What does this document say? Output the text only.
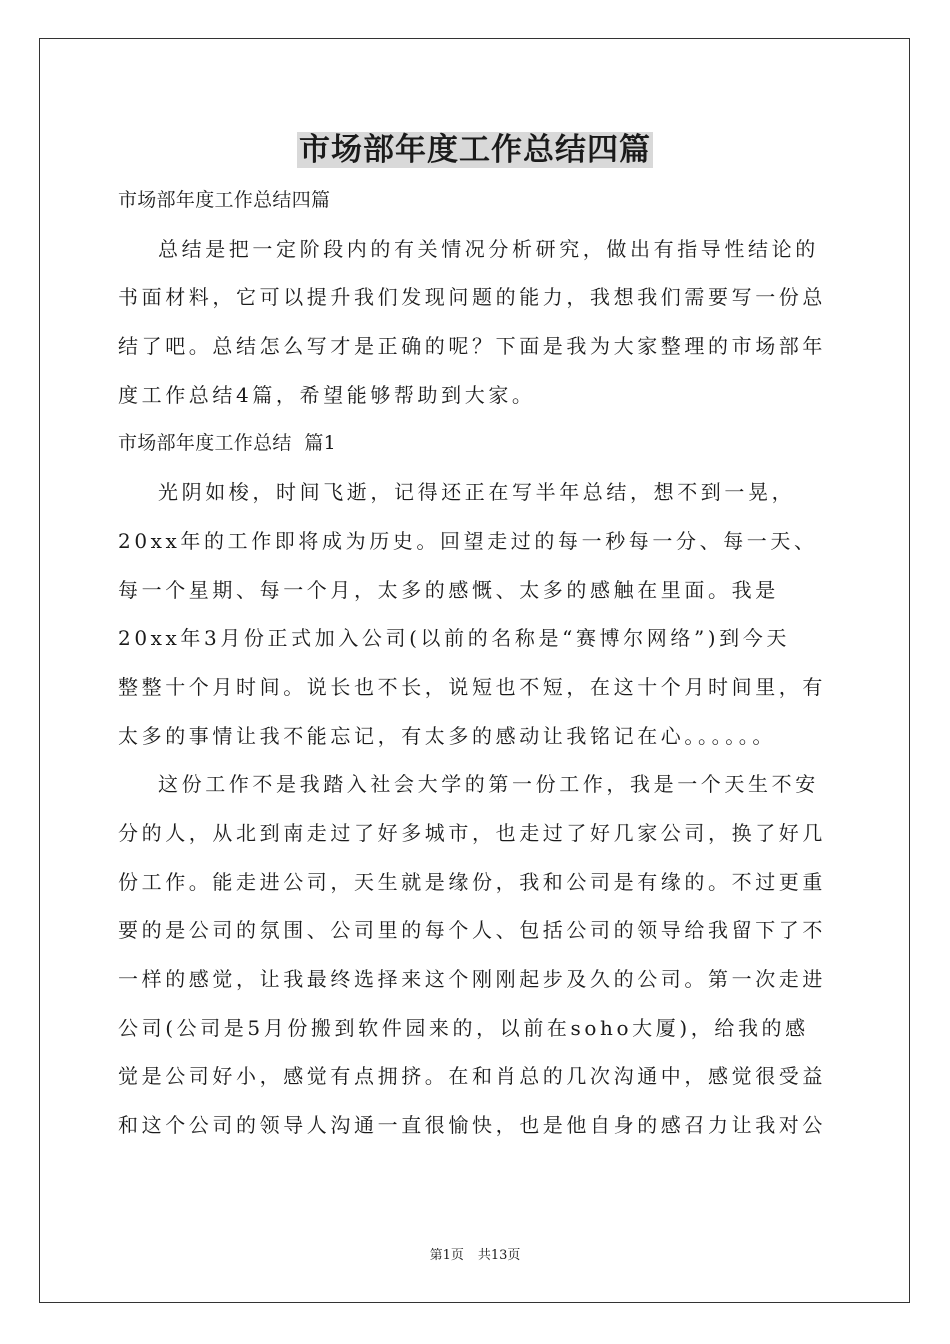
市场部年度工作总结四篇
市场部年度工作总结四篇
总结是把一定阶段内的有关情况分析研究，做出有指导性结论的
书面材料，它可以提升我们发现问题的能力，我想我们需要写一份总
结了吧。总结怎么写才是正确的呢？下面是我为大家整理的市场部年
度工作总结4篇，希望能够帮助到大家。
市场部年度工作总结  篇1
光阴如梭，时间飞逝，记得还正在写半年总结，想不到一晃，
20xx年的工作即将成为历史。回望走过的每一秒每一分、每一天、
每一个星期、每一个月，太多的感慨、太多的感触在里面。我是
20xx年3月份正式加入公司(以前的名称是“赛博尔网络”)到今天
整整十个月时间。说长也不长，说短也不短，在这十个月时间里，有
太多的事情让我不能忘记，有太多的感动让我铭记在心。。。。。。
这份工作不是我踏入社会大学的第一份工作，我是一个天生不安
分的人，从北到南走过了好多城市，也走过了好几家公司，换了好几
份工作。能走进公司，天生就是缘份，我和公司是有缘的。不过更重
要的是公司的氛围、公司里的每个人、包括公司的领导给我留下了不
一样的感觉，让我最终选择来这个刚刚起步及久的公司。第一次走进
公司(公司是5月份搬到软件园来的，以前在soho大厦)，给我的感
觉是公司好小，感觉有点拥挤。在和肖总的几次沟通中，感觉很受益
和这个公司的领导人沟通一直很愉快，也是他自身的感召力让我对公
第1页 共13页
